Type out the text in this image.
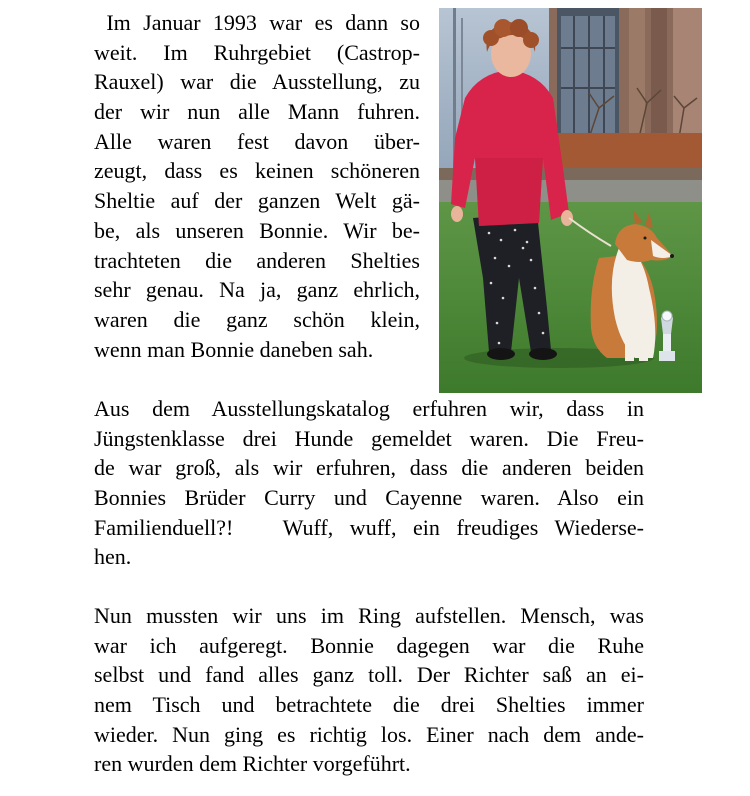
Im Januar 1993 war es dann so
weit. Im Ruhrgebiet (Castrop-
Rauxel) war die Ausstellung, zu
der wir nun alle Mann fuhren.
Alle waren fest davon über-
zeugt, dass es keinen schöneren
Sheltie auf der ganzen Welt gä-
be, als unseren Bonnie. Wir be-
trachteten die anderen Shelties
sehr genau. Na ja, ganz ehrlich,
waren die ganz schön klein,
wenn man Bonnie daneben sah.
Aus dem Ausstellungskatalog erfuhren wir, dass in
Jüngstenklasse drei Hunde gemeldet waren. Die Freu-
de war groß, als wir erfuhren, dass die anderen beiden
Bonnies Brüder Curry und Cayenne waren. Also ein
Familienduell?!   Wuff, wuff, ein freudiges Wiederse-
hen.
Nun mussten wir uns im Ring aufstellen. Mensch, was
war ich aufgeregt. Bonnie dagegen war die Ruhe
selbst und fand alles ganz toll. Der Richter saß an ei-
nem Tisch und betrachtete die drei Shelties immer
wieder. Nun ging es richtig los. Einer nach dem ande-
ren wurden dem Richter vorgeführt.
